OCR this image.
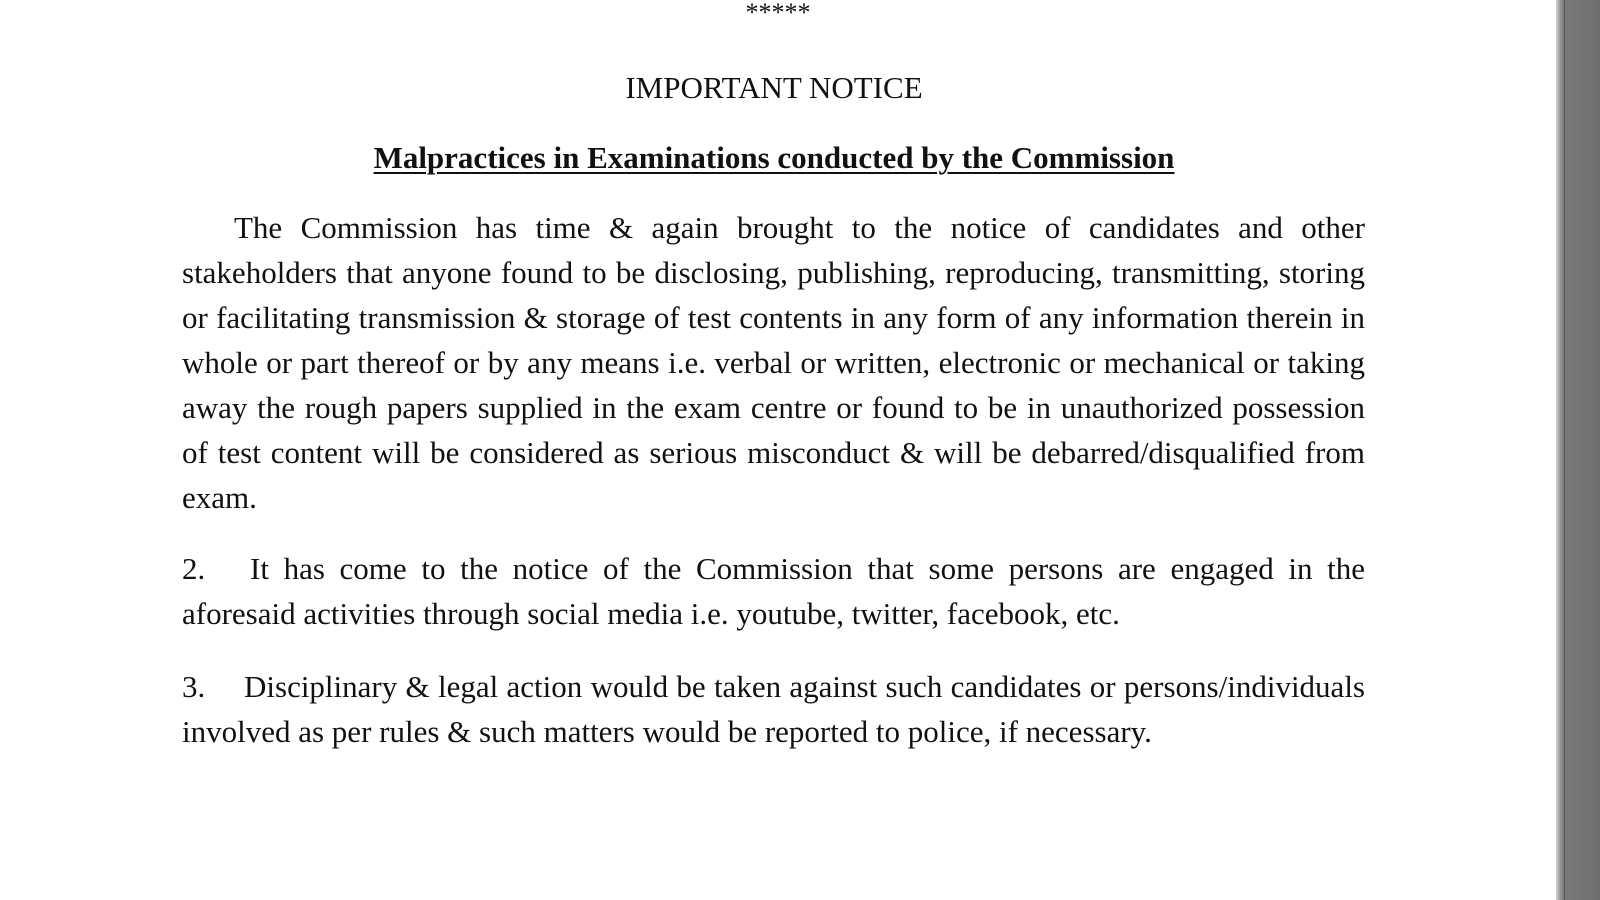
*****
IMPORTANT NOTICE
Malpractices in Examinations conducted by the Commission

The Commission has time & again brought to the notice of candidates and other stakeholders that anyone found to be disclosing, publishing, reproducing, transmitting, storing or facilitating transmission & storage of test contents in any form of any information therein in whole or part thereof or by any means i.e. verbal or written, electronic or mechanical or taking away the rough papers supplied in the exam centre or found to be in unauthorized possession of test content will be considered as serious misconduct & will be debarred/disqualified from exam.

2. It has come to the notice of the Commission that some persons are engaged in the aforesaid activities through social media i.e. youtube, twitter, facebook, etc.

3. Disciplinary & legal action would be taken against such candidates or persons/individuals involved as per rules & such matters would be reported to police, if necessary.
